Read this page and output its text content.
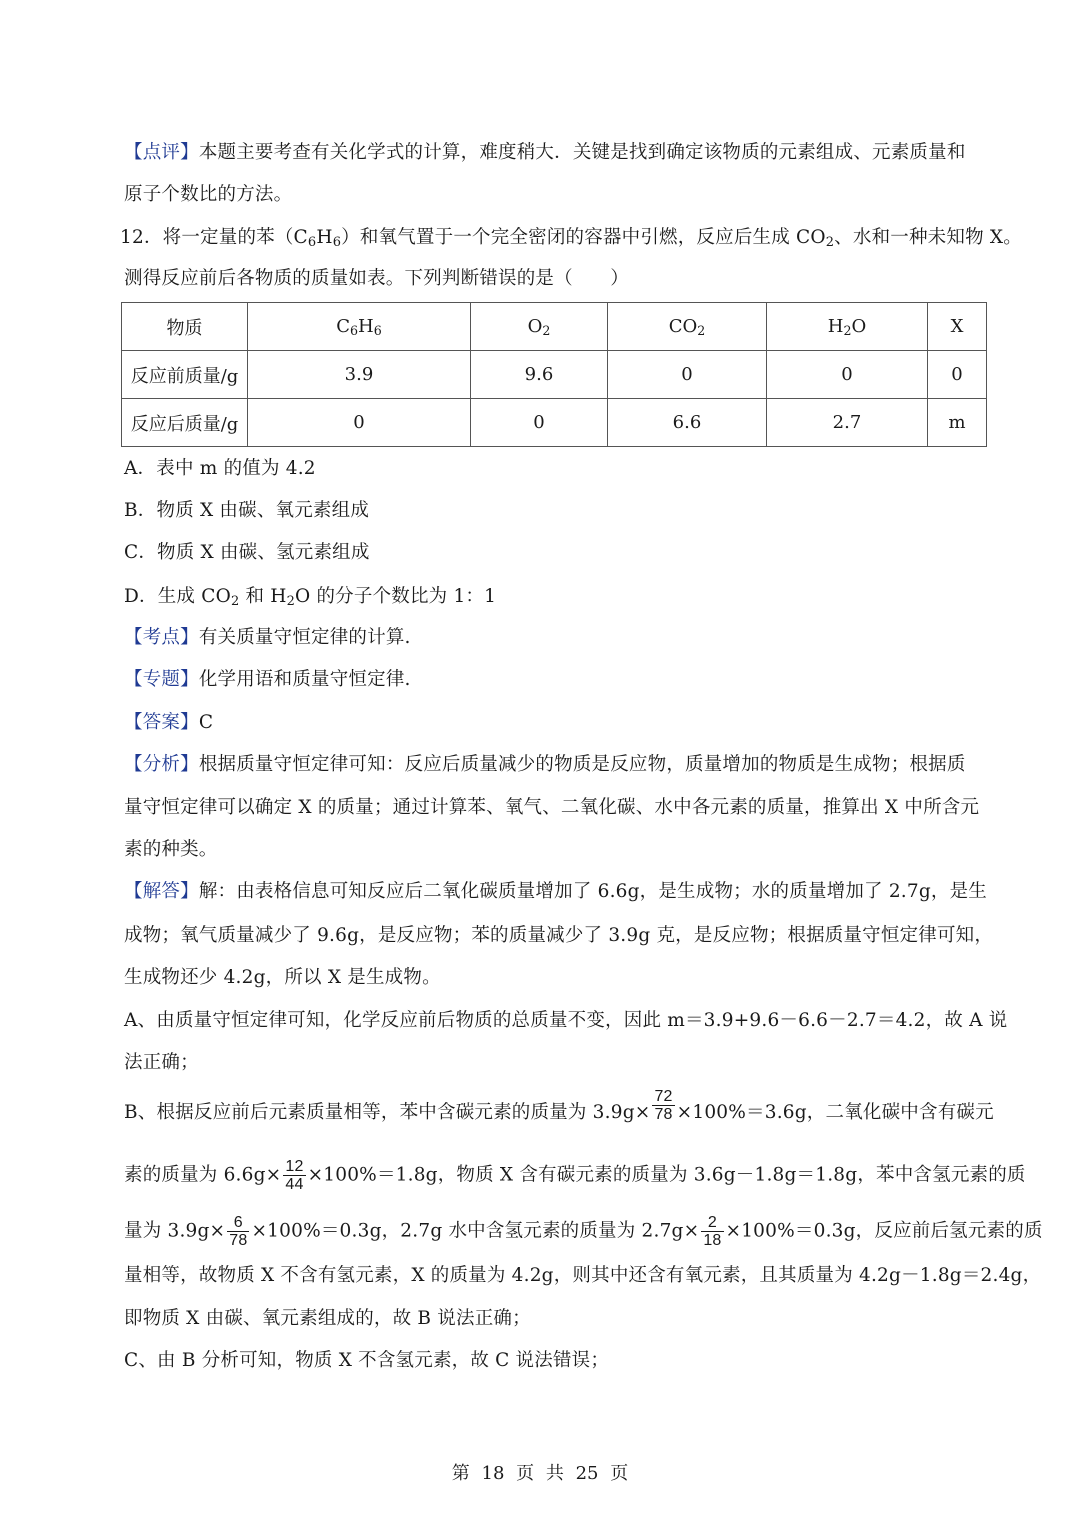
【点评】本题主要考查有关化学式的计算，难度稍大．关键是找到确定该物质的元素组成、元素质量和
原子个数比的方法。
12．将一定量的苯$(C_6H_6)$和氧气置于一个完全密闭的容器中引燃，反应后生成 $CO_2$、水和一种未知物 X。
测得反应前后各物质的质量如表。下列判断错误的是（　　）
物质	$C_6H_6$	$O_2$	$CO_2$	$H_2O$	X
反应前质量/g	3.9	9.6	0	0	0
反应后质量/g	0	0	6.6	2.7	m
A．表中 m 的值为 4.2
B．物质 X 由碳、氧元素组成
C．物质 X 由碳、氢元素组成
D．生成 $CO_2$ 和 $H_2O$ 的分子个数比为 1：1
【考点】有关质量守恒定律的计算.
【专题】化学用语和质量守恒定律.
【答案】C
【分析】根据质量守恒定律可知：反应后质量减少的物质是反应物，质量增加的物质是生成物；根据质
量守恒定律可以确定 X 的质量；通过计算苯、氧气、二氧化碳、水中各元素的质量，推算出 X 中所含元
素的种类。
【解答】解：由表格信息可知反应后二氧化碳质量增加了 6.6g，是生成物；水的质量增加了 2.7g，是生
成物；氧气质量减少了 9.6g，是反应物；苯的质量减少了 3.9g 克，是反应物；根据质量守恒定律可知，
生成物还少 4.2g，所以 X 是生成物。
A、由质量守恒定律可知，化学反应前后物质的总质量不变，因此 m＝3.9+9.6－6.6－2.7＝4.2，故 A 说
法正确；
B、根据反应前后元素质量相等，苯中含碳元素的质量为 $3.9g\times \frac{72}{78} \times 100\%=3.6g$，二氧化碳中含有碳元
素的质量为 $6.6g\times \frac{12}{44} \times 100\%=1.8g$，物质 X 含有碳元素的质量为 3.6g－1.8g＝1.8g，苯中含氢元素的质
量为 $3.9g\times \frac{6}{78} \times 100\%=0.3g$，2.7g 水中含氢元素的质量为 $2.7g\times \frac{2}{18} \times 100\%=0.3g$，反应前后氢元素的质
量相等，故物质 X 不含有氢元素，X 的质量为 4.2g，则其中还含有氧元素，且其质量为 4.2g－1.8g＝2.4g，
即物质 X 由碳、氧元素组成的，故 B 说法正确；
C、由 B 分析可知，物质 X 不含氢元素，故 C 说法错误；
第 18 页 共 25 页
